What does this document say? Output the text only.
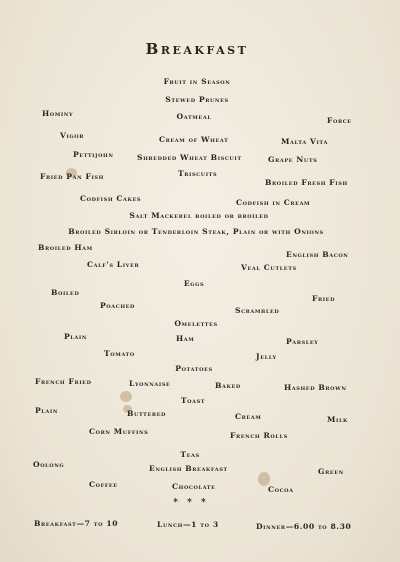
Breakfast
Fruit in Season
Stewed Prunes
Oatmeal
Hominy
Force
Vigor	Cream of Wheat	Malta Vita
Pettijohn	Shredded Wheat Biscuit	Grape Nuts
Fried Pan Fish	Triscuits
Broiled Fresh Fish
Codfish Cakes	Codfish in Cream
Salt Mackerel boiled or broiled
Broiled Sirloin or Tenderloin Steak, Plain or with Onions
Broiled Ham
English Bacon
Calf's Liver	Veal Cutlets
Eggs
Boiled
Fried
Poached
Scrambled
Omelettes
Plain	Ham	Parsley
Tomato	Jelly
Potatoes
French Fried	Lyonnaise	Baked	Hashed Brown
Toast
Plain	Buttered	Cream	Milk
Corn Muffins	French Rolls
Teas
Oolong	English Breakfast	Green
Coffee	Chocolate	Cocoa
* * *
Breakfast—7 to 10	Lunch—1 to 3	Dinner—6.00 to 8.30
